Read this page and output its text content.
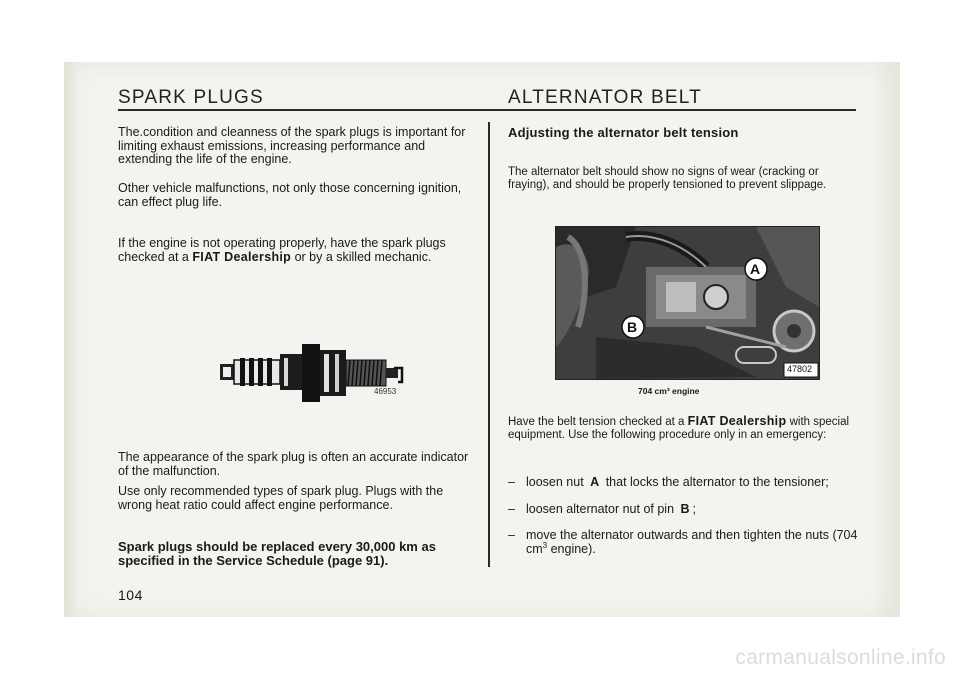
SPARK PLUGS	ALTERNATOR BELT

The.condition and cleanness of the spark plugs is important for limiting exhaust emissions, increasing performance and extending the life of the engine.

Other vehicle malfunctions, not only those concerning ignition, can effect plug life.

If the engine is not operating properly, have the spark plugs checked at a FIAT Dealership or by a skilled mechanic.

46953

The appearance of the spark plug is often an accurate indicator of the malfunction.

Use only recommended types of spark plug. Plugs with the wrong heat ratio could affect engine performance.

Spark plugs should be replaced every 30,000 km as specified in the Service Schedule (page 91).

104
Adjusting the alternator belt tension

The alternator belt should show no signs of wear (cracking or fraying), and should be properly tensioned to prevent slippage.

A
B
47802
704 cm³ engine

Have the belt tension checked at a FIAT Dealership with special equipment. Use the following procedure only in an emergency:

– loosen nut A that locks the alternator to the tensioner;
– loosen alternator nut of pin B ;
– move the alternator outwards and then tighten the nuts (704 $cm^3$ engine).
carmanualsonline.info
